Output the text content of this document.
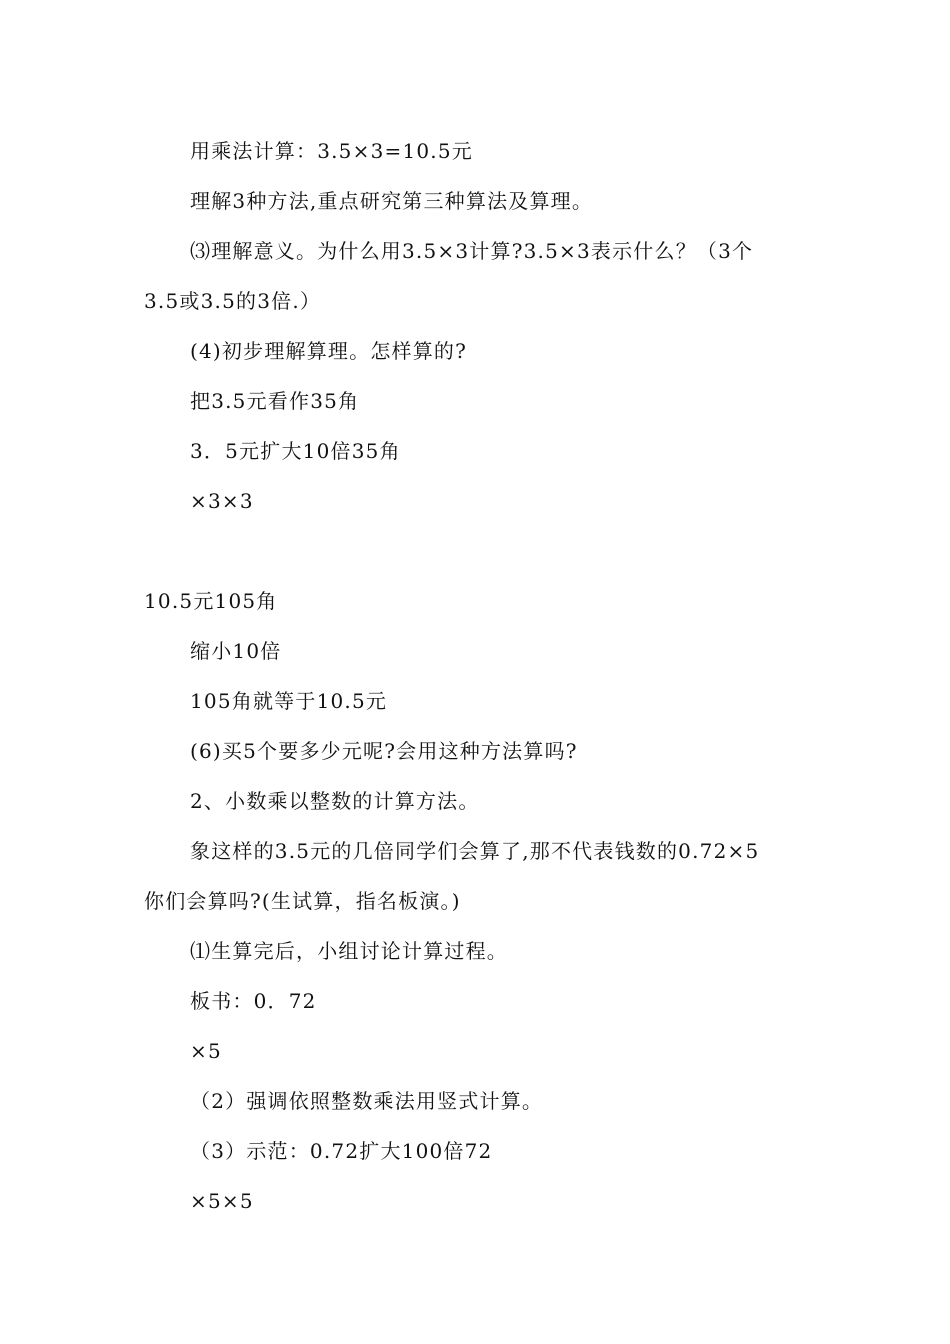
用乘法计算：3.5×3=10.5元
理解3种方法,重点研究第三种算法及算理。
⑶理解意义。为什么用3.5×3计算?3.5×3表示什么？（3个
3.5或3.5的3倍.）
(4)初步理解算理。怎样算的?
把3.5元看作35角
3．5元扩大10倍35角
×3×3
10.5元105角
缩小10倍
105角就等于10.5元
(6)买5个要多少元呢?会用这种方法算吗?
2、小数乘以整数的计算方法。
象这样的3.5元的几倍同学们会算了,那不代表钱数的0.72×5
你们会算吗?(生试算，指名板演。)
⑴生算完后，小组讨论计算过程。
板书：0．72
×5
（2）强调依照整数乘法用竖式计算。
（3）示范：0.72扩大100倍72
×5×5
